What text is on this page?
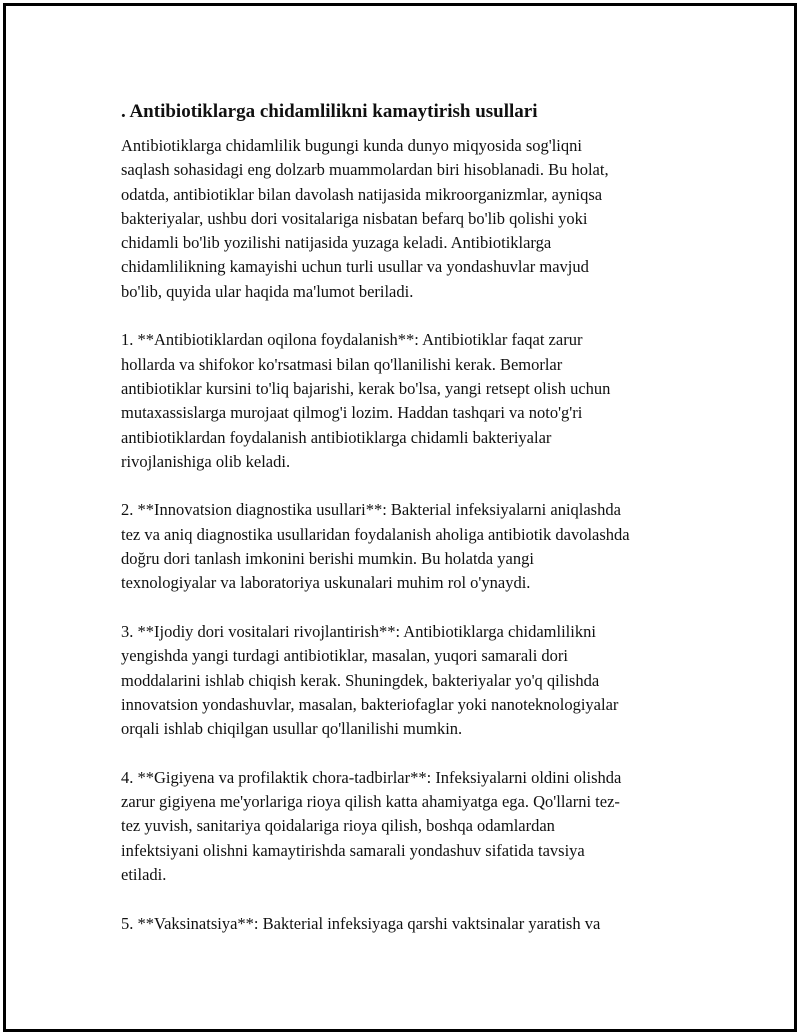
. Antibiotiklarga chidamlilikni kamaytirish usullari
Antibiotiklarga chidamlilik bugungi kunda dunyo miqyosida sog'liqni
saqlash sohasidagi eng dolzarb muammolardan biri hisoblanadi. Bu holat,
odatda, antibiotiklar bilan davolash natijasida mikroorganizmlar, ayniqsa
bakteriyalar, ushbu dori vositalariga nisbatan befarq bo'lib qolishi yoki
chidamli bo'lib yozilishi natijasida yuzaga keladi. Antibiotiklarga
chidamlilikning kamayishi uchun turli usullar va yondashuvlar mavjud
bo'lib, quyida ular haqida ma'lumot beriladi.
1. **Antibiotiklardan oqilona foydalanish**: Antibiotiklar faqat zarur
hollarda va shifokor ko'rsatmasi bilan qo'llanilishi kerak. Bemorlar
antibiotiklar kursini to'liq bajarishi, kerak bo'lsa, yangi retsept olish uchun
mutaxassislarga murojaat qilmog'i lozim. Haddan tashqari va noto'g'ri
antibiotiklardan foydalanish antibiotiklarga chidamli bakteriyalar
rivojlanishiga olib keladi.
2. **Innovatsion diagnostika usullari**: Bakterial infeksiyalarni aniqlashda
tez va aniq diagnostika usullaridan foydalanish aholiga antibiotik davolashda
doğru dori tanlash imkonini berishi mumkin. Bu holatda yangi
texnologiyalar va laboratoriya uskunalari muhim rol o'ynaydi.
3. **Ijodiy dori vositalari rivojlantirish**: Antibiotiklarga chidamlilikni
yengishda yangi turdagi antibiotiklar, masalan, yuqori samarali dori
moddalarini ishlab chiqish kerak. Shuningdek, bakteriyalar yo'q qilishda
innovatsion yondashuvlar, masalan, bakteriofaglar yoki nanoteknologiyalar
orqali ishlab chiqilgan usullar qo'llanilishi mumkin.
4. **Gigiyena va profilaktik chora-tadbirlar**: Infeksiyalarni oldini olishda
zarur gigiyena me'yorlariga rioya qilish katta ahamiyatga ega. Qo'llarni tez-
tez yuvish, sanitariya qoidalariga rioya qilish, boshqa odamlardan
infektsiyani olishni kamaytirishda samarali yondashuv sifatida tavsiya
etiladi.
5. **Vaksinatsiya**: Bakterial infeksiyaga qarshi vaktsinalar yaratish va
